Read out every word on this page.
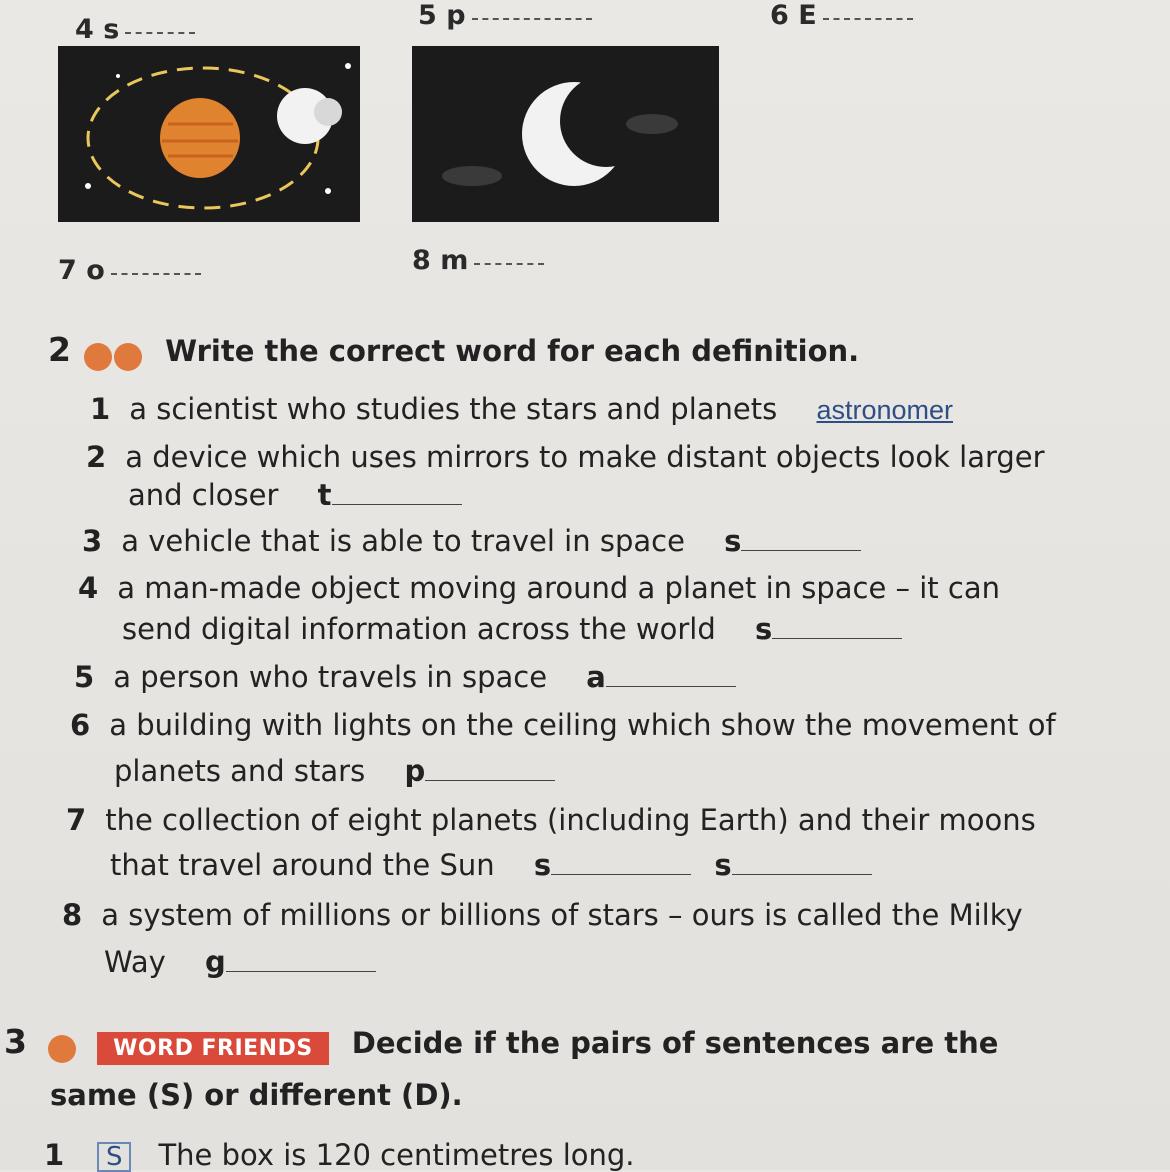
4 s	5 p	6 E
7 o	8 m
2	Write the correct word for each definition.
1 a scientist who studies the stars and planets astronomer
2 a device which uses mirrors to make distant objects look larger
and closer t
3 a vehicle that is able to travel in space s
4 a man-made object moving around a planet in space – it can
send digital information across the world s
5 a person who travels in space a
6 a building with lights on the ceiling which show the movement of
planets and stars p
7 the collection of eight planets (including Earth) and their moons
that travel around the Sun s	s
8 a system of millions or billions of stars – ours is called the Milky
Way g
3	WORD FRIENDS Decide if the pairs of sentences are the
same (S) or different (D).
1 S The box is 120 centimetres long.
